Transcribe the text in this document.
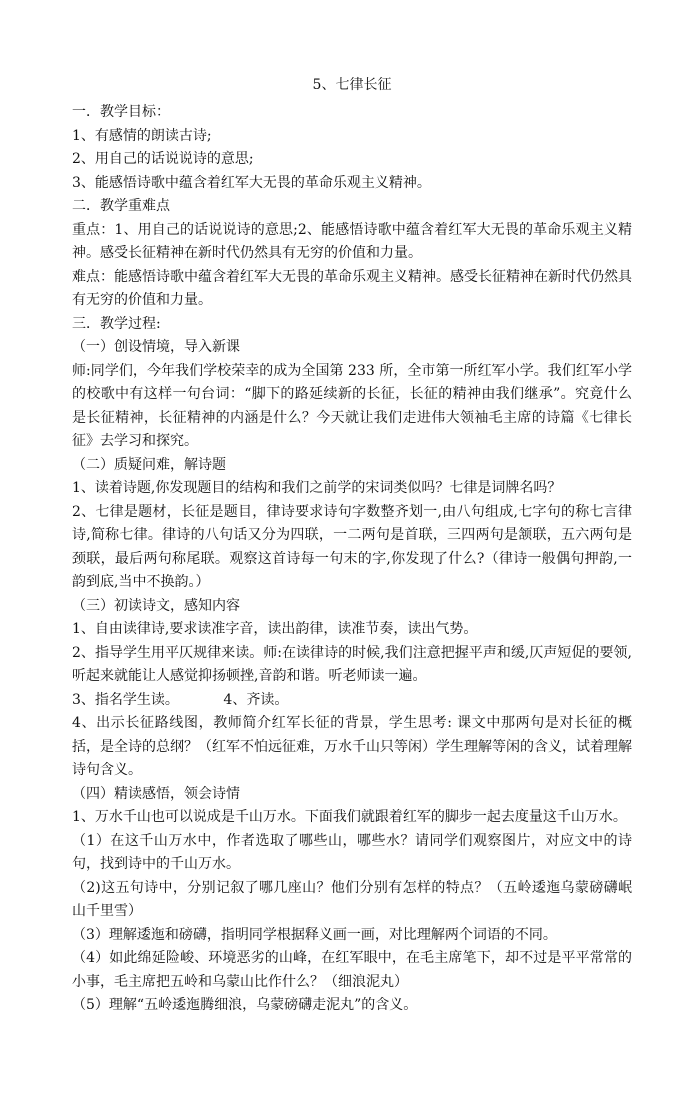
5、七律长征
一．教学目标：
1、有感情的朗读古诗;
2、用自己的话说说诗的意思;
3、能感悟诗歌中蕴含着红军大无畏的革命乐观主义精神。
二．教学重难点
重点：1、用自己的话说说诗的意思;2、能感悟诗歌中蕴含着红军大无畏的革命乐观主义精神。感受长征精神在新时代仍然具有无穷的价值和力量。
难点：能感悟诗歌中蕴含着红军大无畏的革命乐观主义精神。感受长征精神在新时代仍然具有无穷的价值和力量。
三．教学过程:
（一）创设情境，导入新课
师:同学们，今年我们学校荣幸的成为全国第 233 所，全市第一所红军小学。我们红军小学的校歌中有这样一句台词：“脚下的路延续新的长征，长征的精神由我们继承”。究竟什么是长征精神，长征精神的内涵是什么？今天就让我们走进伟大领袖毛主席的诗篇《七律长征》去学习和探究。
（二）质疑问难，解诗题
1、读着诗题,你发现题目的结构和我们之前学的宋词类似吗？七律是词牌名吗？
2、七律是题材，长征是题目，律诗要求诗句字数整齐划一,由八句组成,七字句的称七言律诗,简称七律。律诗的八句话又分为四联，一二两句是首联，三四两句是颔联，五六两句是颈联，最后两句称尾联。观察这首诗每一句末的字,你发现了什么?（律诗一般偶句押韵,一韵到底,当中不换韵。）
（三）初读诗文，感知内容
1、自由读律诗,要求读准字音，读出韵律，读准节奏，读出气势。
2、指导学生用平仄规律来读。师:在读律诗的时候,我们注意把握平声和缓,仄声短促的要领,听起来就能让人感觉抑扬顿挫,音韵和谐。听老师读一遍。
3、指名学生读。          4、齐读。
4、出示长征路线图，教师简介红军长征的背景，学生思考: 课文中那两句是对长征的概括，是全诗的总纲？（红军不怕远征难，万水千山只等闲）学生理解等闲的含义，试着理解诗句含义。
（四）精读感悟，领会诗情
1、万水千山也可以说成是千山万水。下面我们就跟着红军的脚步一起去度量这千山万水。
（1）在这千山万水中，作者选取了哪些山，哪些水？请同学们观察图片，对应文中的诗句，找到诗中的千山万水。
（2)这五句诗中，分别记叙了哪几座山？他们分别有怎样的特点？（五岭逶迤乌蒙磅礴岷山千里雪）
（3）理解逶迤和磅礴，指明同学根据释义画一画，对比理解两个词语的不同。
（4）如此绵延险峻、环境恶劣的山峰，在红军眼中，在毛主席笔下，却不过是平平常常的小事，毛主席把五岭和乌蒙山比作什么？（细浪泥丸）
（5）理解“五岭逶迤腾细浪，乌蒙磅礴走泥丸”的含义。
